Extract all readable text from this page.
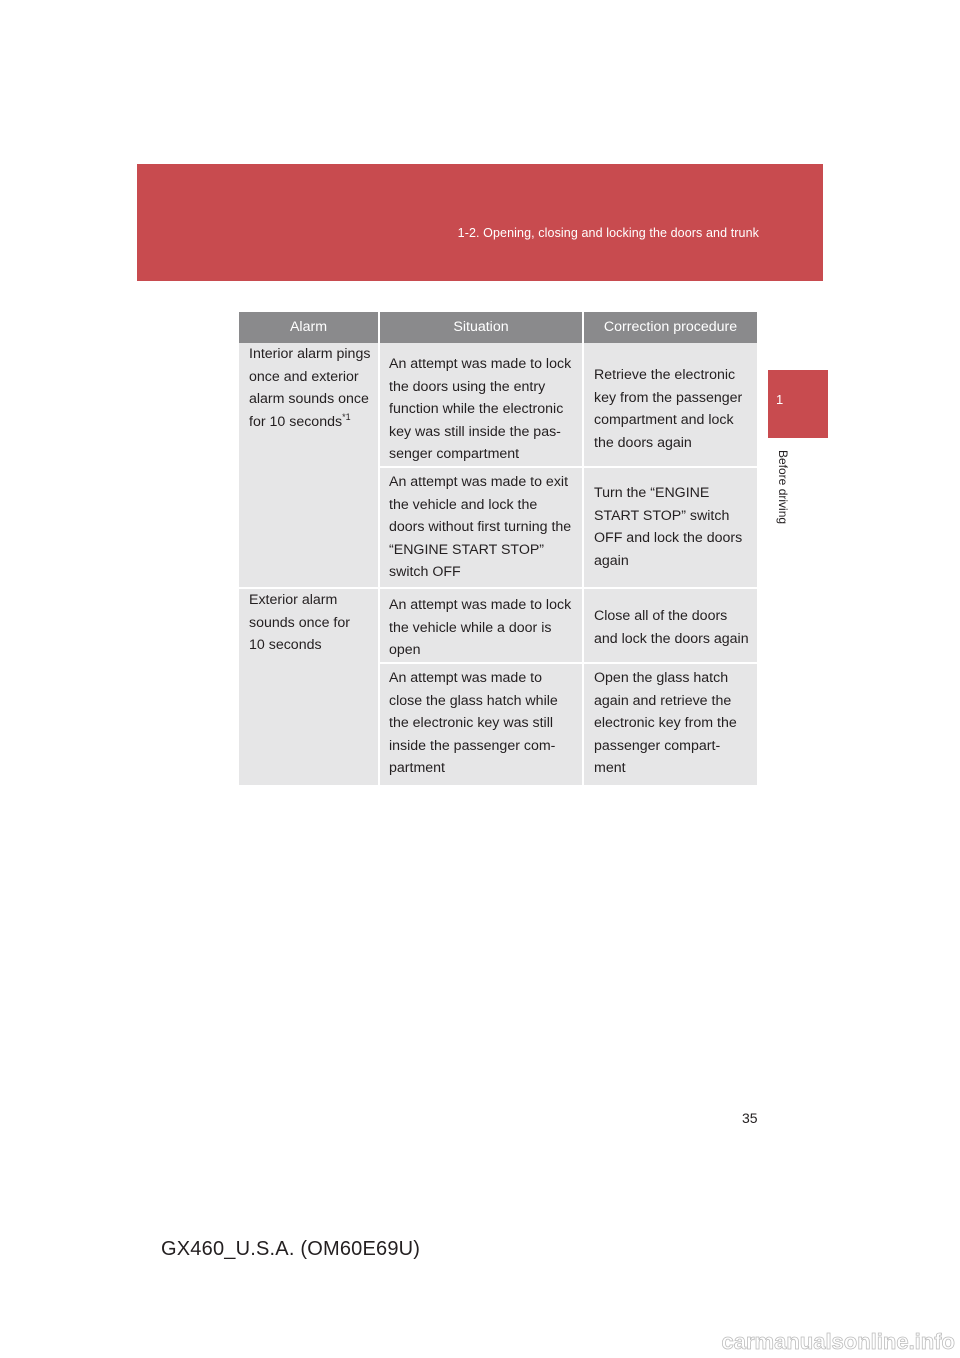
1-2. Opening, closing and locking the doors and trunk
1
Before driving
Alarm	Situation	Correction procedure

Interior alarm pings
once and exterior
alarm sounds once
for 10 seconds$^{*1}$	An attempt was made to lock
the doors using the entry
function while the electronic
key was still inside the pas-
senger compartment	Retrieve the electronic
key from the passenger
compartment and lock
the doors again

	An attempt was made to exit
the vehicle and lock the
doors without first turning the
“ENGINE START STOP”
switch OFF	Turn the “ENGINE
START STOP” switch
OFF and lock the doors
again

Exterior alarm
sounds once for
10 seconds	An attempt was made to lock
the vehicle while a door is
open	Close all of the doors
and lock the doors again

	An attempt was made to
close the glass hatch while
the electronic key was still
inside the passenger com-
partment	Open the glass hatch
again and retrieve the
electronic key from the
passenger compart-
ment
35
GX460_U.S.A. (OM60E69U)
carmanualsonline.info
